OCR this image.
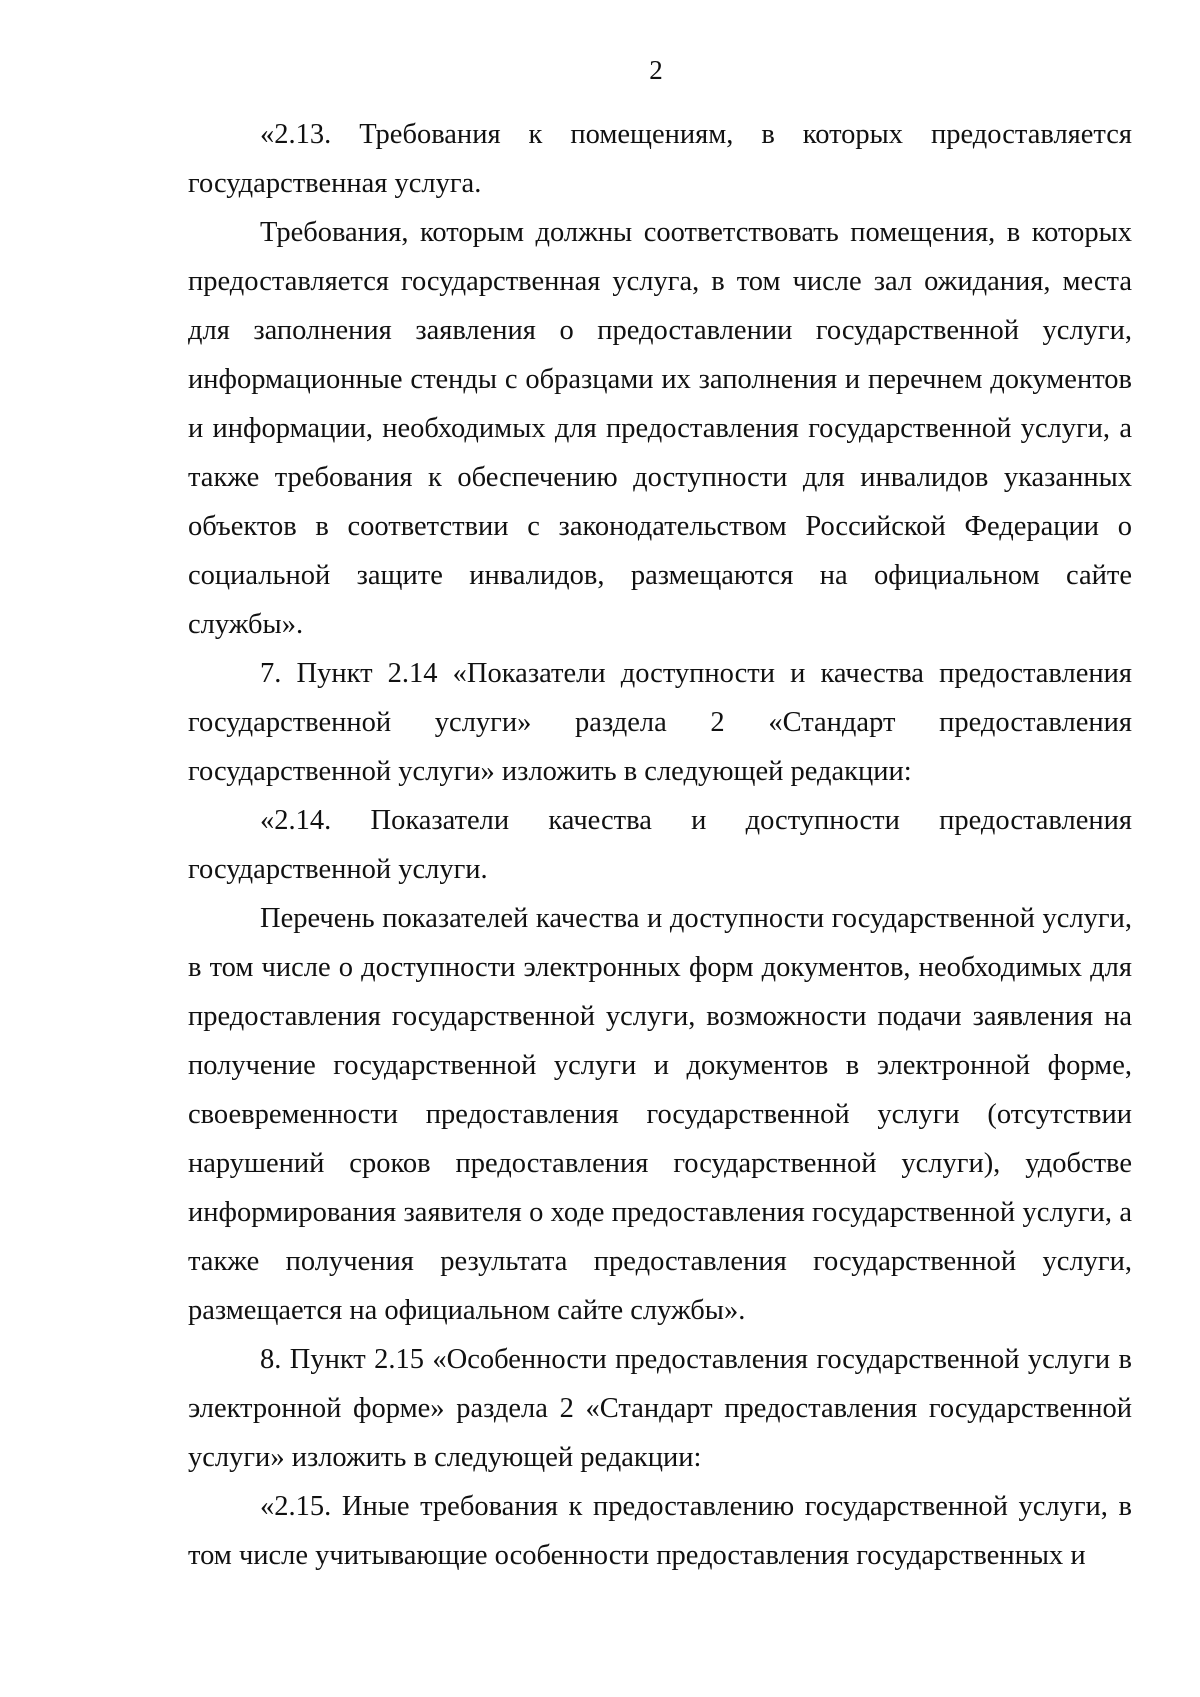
2

«2.13. Требования к помещениям, в которых предоставляется государственная услуга.

Требования, которым должны соответствовать помещения, в которых предоставляется государственная услуга, в том числе зал ожидания, места для заполнения заявления о предоставлении государственной услуги, информационные стенды с образцами их заполнения и перечнем документов и информации, необходимых для предоставления государственной услуги, а также требования к обеспечению доступности для инвалидов указанных объектов в соответствии с законодательством Российской Федерации о социальной защите инвалидов, размещаются на официальном сайте службы».

7. Пункт 2.14 «Показатели доступности и качества предоставления государственной услуги» раздела 2 «Стандарт предоставления государственной услуги» изложить в следующей редакции:

«2.14. Показатели качества и доступности предоставления государственной услуги.

Перечень показателей качества и доступности государственной услуги, в том числе о доступности электронных форм документов, необходимых для предоставления государственной услуги, возможности подачи заявления на получение государственной услуги и документов в электронной форме, своевременности предоставления государственной услуги (отсутствии нарушений сроков предоставления государственной услуги), удобстве информирования заявителя о ходе предоставления государственной услуги, а также получения результата предоставления государственной услуги, размещается на официальном сайте службы».

8. Пункт 2.15 «Особенности предоставления государственной услуги в электронной форме» раздела 2 «Стандарт предоставления государственной услуги» изложить в следующей редакции:

«2.15. Иные требования к предоставлению государственной услуги, в том числе учитывающие особенности предоставления государственных и
